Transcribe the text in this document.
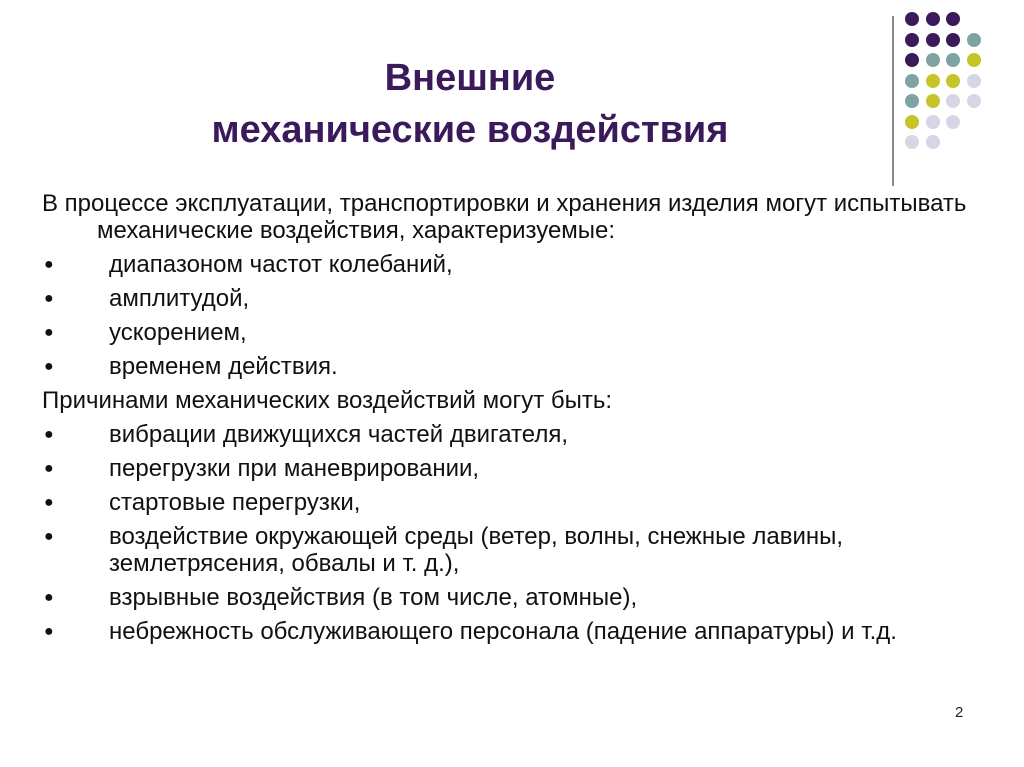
Внешние
механические воздействия
В процессе эксплуатации, транспортировки и хранения изделия могут испытывать механические воздействия, характеризуемые:
●	диапазоном частот колебаний,
●	амплитудой,
●	ускорением,
●	временем действия.
Причинами механических воздействий могут быть:
●	вибрации движущихся частей двигателя,
●	перегрузки при маневрировании,
●	стартовые перегрузки,
●	воздействие окружающей среды (ветер, волны, снежные лавины, землетрясения, обвалы и т. д.),
●	взрывные воздействия (в том числе, атомные),
●	небрежность обслуживающего персонала (падение аппаратуры) и т.д.
2
